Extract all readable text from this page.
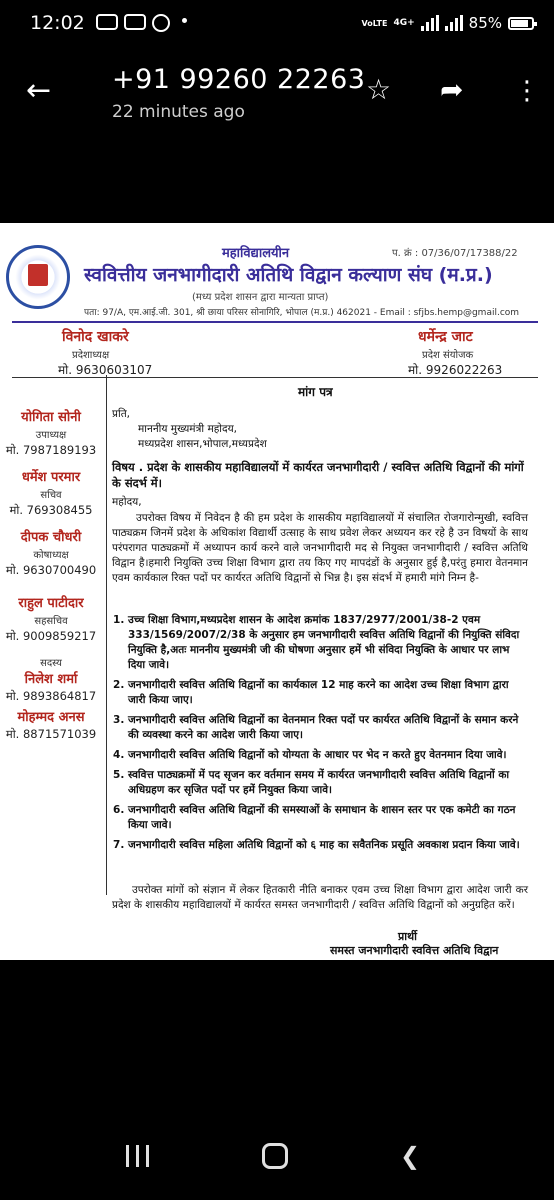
12:02	VoLTE 4G+	85%
← +91 99260 22263
22 minutes ago
☆ ➦ ⋮
महाविद्यालयीन	प. क्रं : 07/36/07/17388/22
स्ववित्तीय जनभागीदारी अतिथि विद्वान कल्याण संघ (म.प्र.)
(मध्य प्रदेश शासन द्वारा मान्यता प्राप्त)
पता: 97/A, एम.आई.जी. 301, श्री छाया परिसर सोनागिरि, भोपाल (म.प्र.) 462021 - Email : sfjbs.hemp@gmail.com
विनोद खाकरे
प्रदेशाध्यक्ष
मो. 9630603107
धर्मेन्द्र जाट
प्रदेश संयोजक
मो. 9926022263
योगिता सोनी
उपाध्यक्ष
मो. 7987189193
धर्मेश परमार
सचिव
मो. 769308455
दीपक चौधरी
कोषाध्यक्ष
मो. 9630700490
राहुल पाटीदार
सहसचिव
मो. 9009859217
सदस्य
निलेश शर्मा
मो. 9893864817
मोहम्मद अनस
मो. 8871571039
मांग पत्र
प्रति,
माननीय मुख्यमंत्री महोदय,
मध्यप्रदेश शासन,भोपाल,मध्यप्रदेश
विषय . प्रदेश के शासकीय महाविद्यालयों में कार्यरत जनभागीदारी / स्ववित्त अतिथि विद्वानों की मांगों के संदर्भ में।
महोदय,
उपरोक्त विषय में निवेदन है की हम प्रदेश के शासकीय महाविद्यालयों में संचालित रोजगारोन्मुखी, स्ववित्त पाठ्यक्रम जिनमें प्रदेश के अधिकांश विद्यार्थी उत्साह के साथ प्रवेश लेकर अध्ययन कर रहे है उन विषयों के साथ परंपरागत पाठ्यक्रमों में अध्यापन कार्य करने वाले जनभागीदारी मद से नियुक्त जनभागीदारी / स्ववित्त अतिथि विद्वान है।हमारी नियुक्ति उच्च शिक्षा विभाग द्वारा तय किए गए मापदंडों के अनुसार हुई है,परंतु हमारा वेतनमान एवम कार्यकाल रिक्त पदों पर कार्यरत अतिथि विद्वानों से भिन्न है। इस संदर्भ में हमारी मांगे निम्न है-
1. उच्च शिक्षा विभाग,मध्यप्रदेश शासन के आदेश क्रमांक 1837/2977/2001/38-2 एवम 333/1569/2007/2/38 के अनुसार हम जनभागीदारी स्ववित्त अतिथि विद्वानों की नियुक्ति संविदा नियुक्ति है,अतः माननीय मुख्यमंत्री जी की घोषणा अनुसार हमें भी संविदा नियुक्ति के आधार पर लाभ दिया जावे।
2. जनभागीदारी स्ववित्त अतिथि विद्वानों का कार्यकाल 12 माह करने का आदेश उच्च शिक्षा विभाग द्वारा जारी किया जाए।
3. जनभागीदारी स्ववित्त अतिथि विद्वानों का वेतनमान रिक्त पदों पर कार्यरत अतिथि विद्वानों के समान करने की व्यवस्था करने का आदेश जारी किया जाए।
4. जनभागीदारी स्ववित्त अतिथि विद्वानों को योग्यता के आधार पर भेद न करते हुए वेतनमान दिया जावे।
5. स्ववित्त पाठ्यक्रमों में पद सृजन कर वर्तमान समय में कार्यरत जनभागीदारी स्ववित्त अतिथि विद्वानों का अधिग्रहण कर सृजित पदों पर हमें नियुक्त किया जावे।
6. जनभागीदारी स्ववित्त अतिथि विद्वानों की समस्याओं के समाधान के शासन स्तर पर एक कमेटी का गठन किया जावे।
7. जनभागीदारी स्ववित्त महिला अतिथि विद्वानों को ६ माह का सवैतनिक प्रसूति अवकाश प्रदान किया जावे।
उपरोक्त मांगों को संज्ञान में लेकर हितकारी नीति बनाकर एवम उच्च शिक्षा विभाग द्वारा आदेश जारी कर प्रदेश के शासकीय महाविद्यालयों में कार्यरत समस्त जनभागीदारी / स्ववित्त अतिथि विद्वानों को अनुग्रहित करें।
प्रार्थी
समस्त जनभागीदारी स्ववित्त अतिथि विद्वान
❮
